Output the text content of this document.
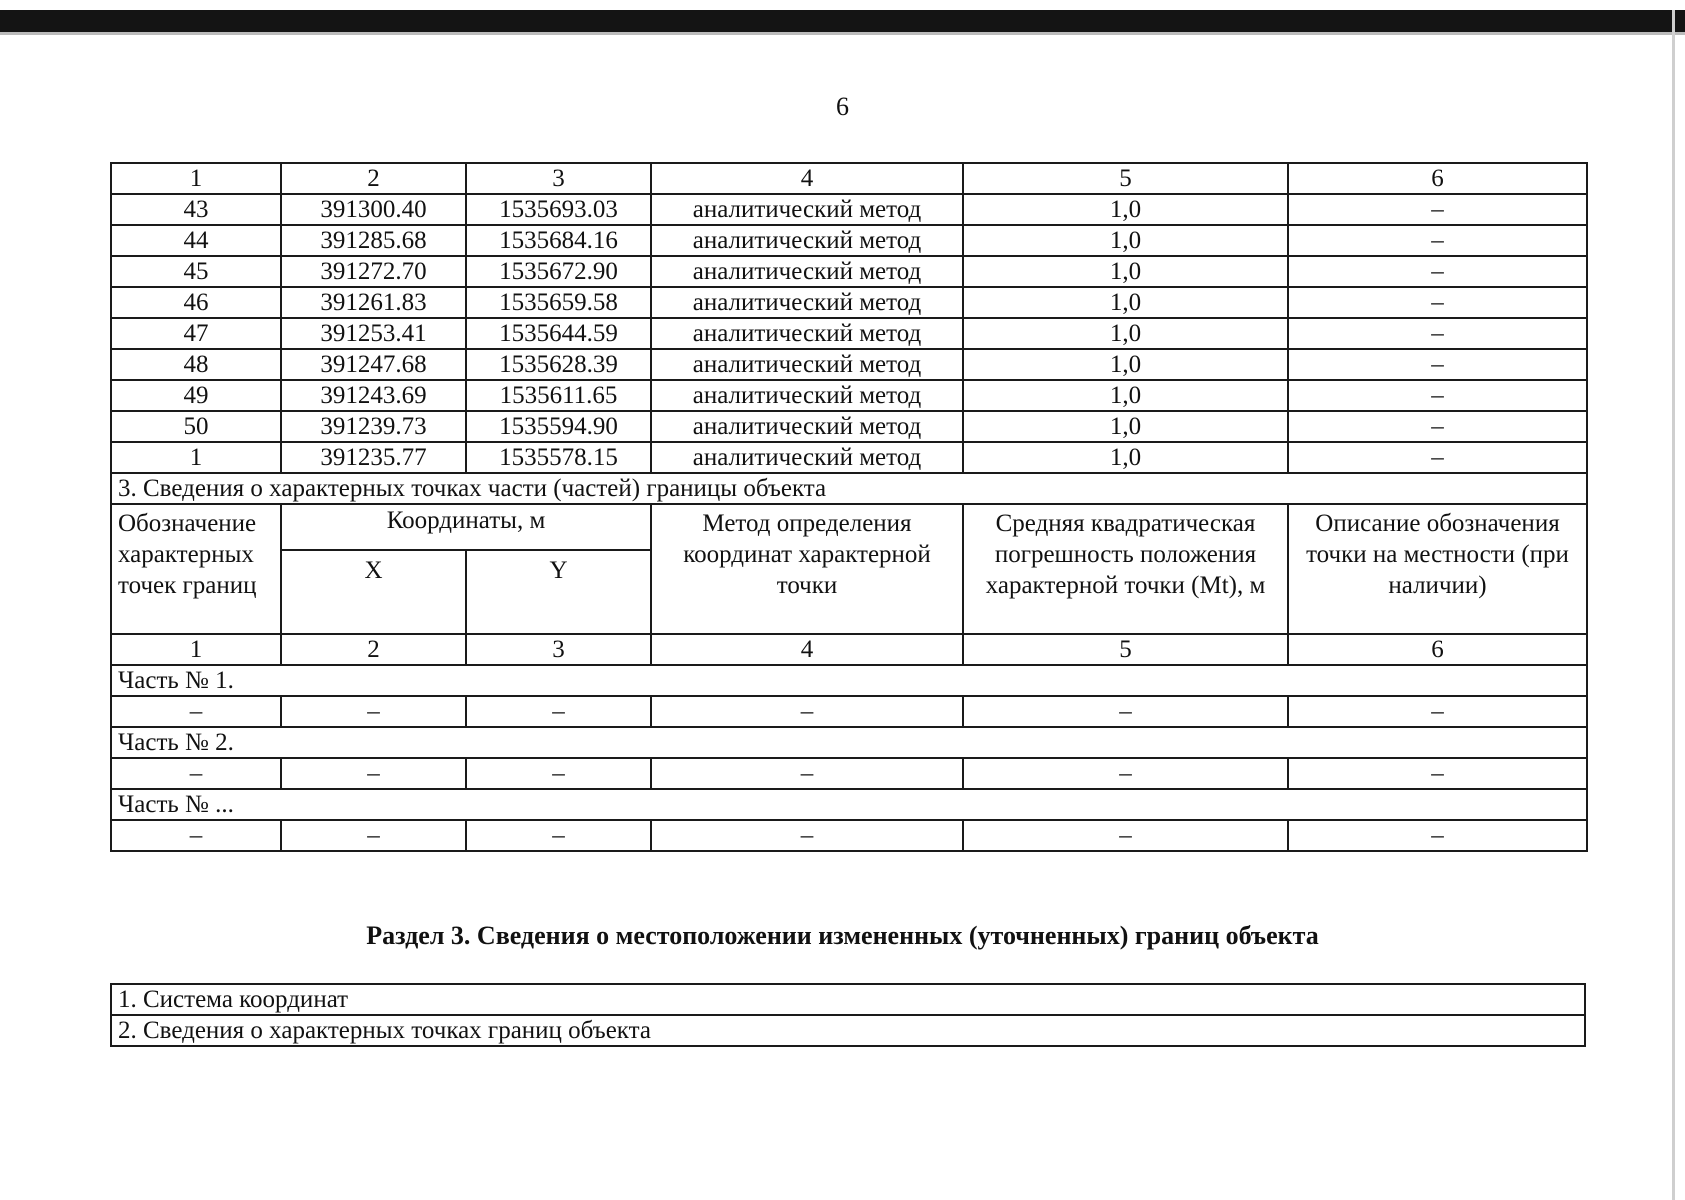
6
1	2	3	4	5	6
43	391300.40	1535693.03	аналитический метод	1,0	–
44	391285.68	1535684.16	аналитический метод	1,0	–
45	391272.70	1535672.90	аналитический метод	1,0	–
46	391261.83	1535659.58	аналитический метод	1,0	–
47	391253.41	1535644.59	аналитический метод	1,0	–
48	391247.68	1535628.39	аналитический метод	1,0	–
49	391243.69	1535611.65	аналитический метод	1,0	–
50	391239.73	1535594.90	аналитический метод	1,0	–
1	391235.77	1535578.15	аналитический метод	1,0	–
3. Сведения о характерных точках части (частей) границы объекта					
Обозначение характерных точек границ	Координаты, м		Метод определения координат характерной точки	Средняя квадратическая погрешность положения характерной точки (Mt), м	Описание обозначения точки на местности (при наличии)
	X	Y			
1	2	3	4	5	6
Часть № 1.					
–	–	–	–	–	–
Часть № 2.					
–	–	–	–	–	–
Часть № ...					
–	–	–	–	–	–
Раздел 3. Сведения о местоположении измененных (уточненных) границ объекта
1. Система координат
2. Сведения о характерных точках границ объекта
